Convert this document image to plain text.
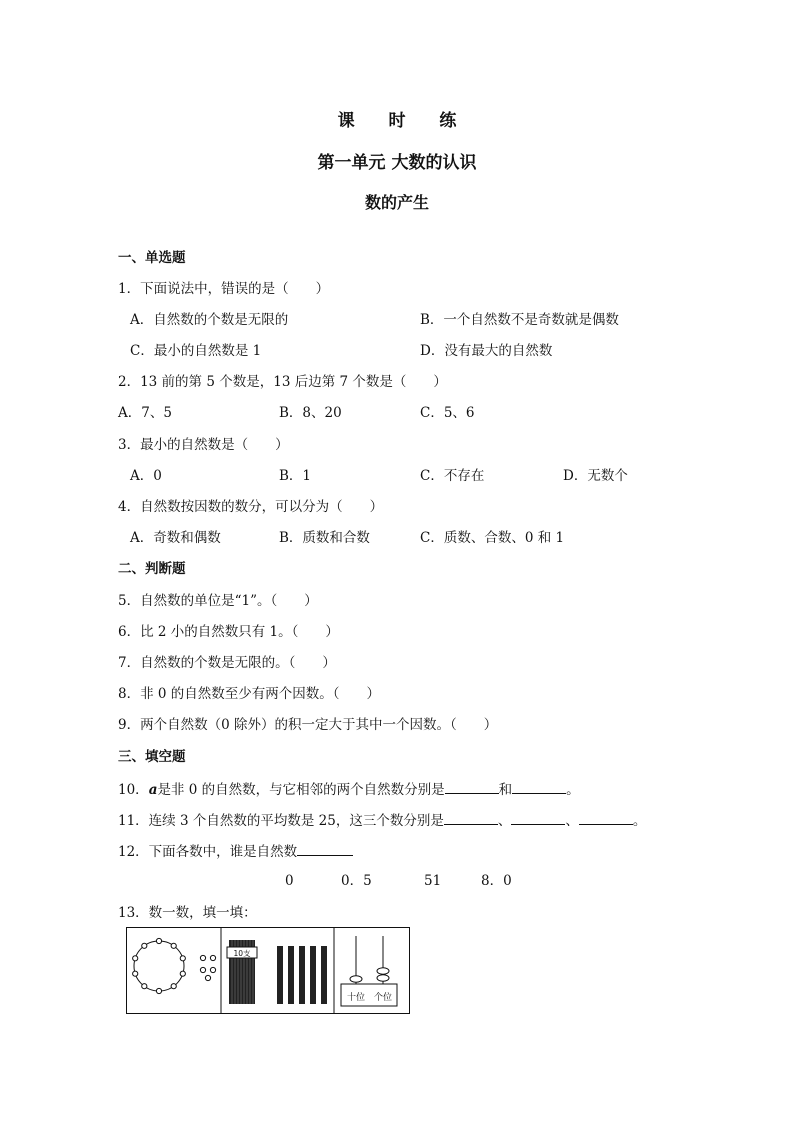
课 时 练
第一单元 大数的认识
数的产生
一、单选题
1．下面说法中，错误的是（　　）
A．自然数的个数是无限的	B．一个自然数不是奇数就是偶数
C．最小的自然数是 1	D．没有最大的自然数
2．13 前的第 5 个数是，13 后边第 7 个数是（　　）
A．7、5	B．8、20	C．5、6
3．最小的自然数是（　　）
A．0	B．1	C．不存在	D．无数个
4．自然数按因数的数分，可以分为（　　）
A．奇数和偶数	B．质数和合数	C．质数、合数、0 和 1
二、判断题
5．自然数的单位是“1”。（　　）
6．比 2 小的自然数只有 1。（　　）
7．自然数的个数是无限的。（　　）
8．非 0 的自然数至少有两个因数。（　　）
9．两个自然数（0 除外）的积一定大于其中一个因数。（　　）
三、填空题
10．a是非 0 的自然数，与它相邻的两个自然数分别是	和	。
11．连续 3 个自然数的平均数是 25，这三个数分别是	、	、	。
12．下面各数中，谁是自然数
0	0．5	51	8．0
13．数一数，填一填：
10支
十位 个位
